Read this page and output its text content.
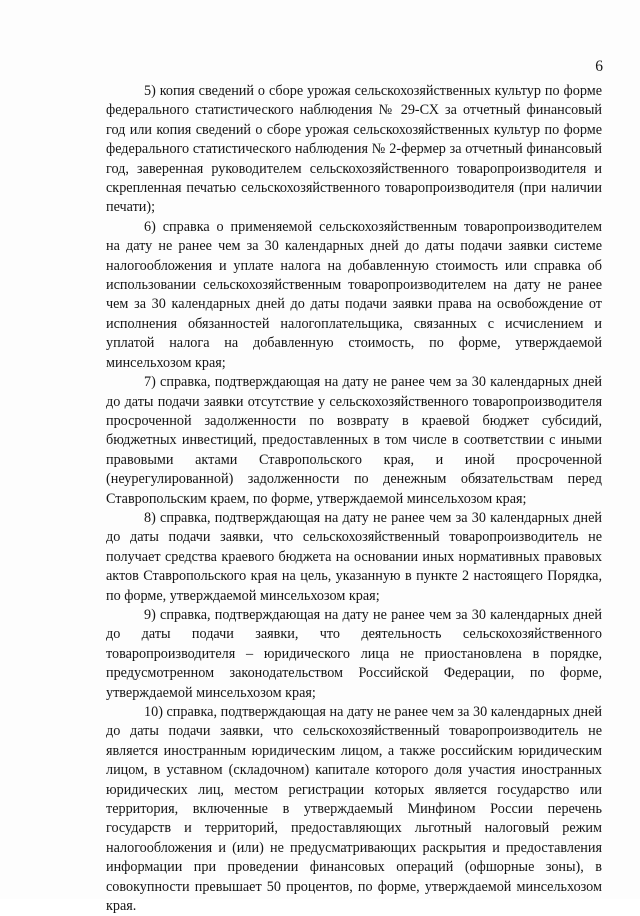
6

5) копия сведений о сборе урожая сельскохозяйственных культур по форме федерального статистического наблюдения № 29-СХ за отчетный финансовый год или копия сведений о сборе урожая сельскохозяйственных культур по форме федерального статистического наблюдения № 2-фермер за отчетный финансовый год, заверенная руководителем сельскохозяйственного товаропроизводителя и скрепленная печатью сельскохозяйственного товаропроизводителя (при наличии печати);

6) справка о применяемой сельскохозяйственным товаропроизводителем на дату не ранее чем за 30 календарных дней до даты подачи заявки системе налогообложения и уплате налога на добавленную стоимость или справка об использовании сельскохозяйственным товаропроизводителем на дату не ранее чем за 30 календарных дней до даты подачи заявки права на освобождение от исполнения обязанностей налогоплательщика, связанных с исчислением и уплатой налога на добавленную стоимость, по форме, утверждаемой минсельхозом края;

7) справка, подтверждающая на дату не ранее чем за 30 календарных дней до даты подачи заявки отсутствие у сельскохозяйственного товаропроизводителя просроченной задолженности по возврату в краевой бюджет субсидий, бюджетных инвестиций, предоставленных в том числе в соответствии с иными правовыми актами Ставропольского края, и иной просроченной (неурегулированной) задолженности по денежным обязательствам перед Ставропольским краем, по форме, утверждаемой минсельхозом края;

8) справка, подтверждающая на дату не ранее чем за 30 календарных дней до даты подачи заявки, что сельскохозяйственный товаропроизводитель не получает средства краевого бюджета на основании иных нормативных правовых актов Ставропольского края на цель, указанную в пункте 2 настоящего Порядка, по форме, утверждаемой минсельхозом края;

9) справка, подтверждающая на дату не ранее чем за 30 календарных дней до даты подачи заявки, что деятельность сельскохозяйственного товаропроизводителя – юридического лица не приостановлена в порядке, предусмотренном законодательством Российской Федерации, по форме, утверждаемой минсельхозом края;

10) справка, подтверждающая на дату не ранее чем за 30 календарных дней до даты подачи заявки, что сельскохозяйственный товаропроизводитель не является иностранным юридическим лицом, а также российским юридическим лицом, в уставном (складочном) капитале которого доля участия иностранных юридических лиц, местом регистрации которых является государство или территория, включенные в утверждаемый Минфином России перечень государств и территорий, предоставляющих льготный налоговый режим налогообложения и (или) не предусматривающих раскрытия и предоставления информации при проведении финансовых операций (офшорные зоны), в совокупности превышает 50 процентов, по форме, утверждаемой минсельхозом края.
